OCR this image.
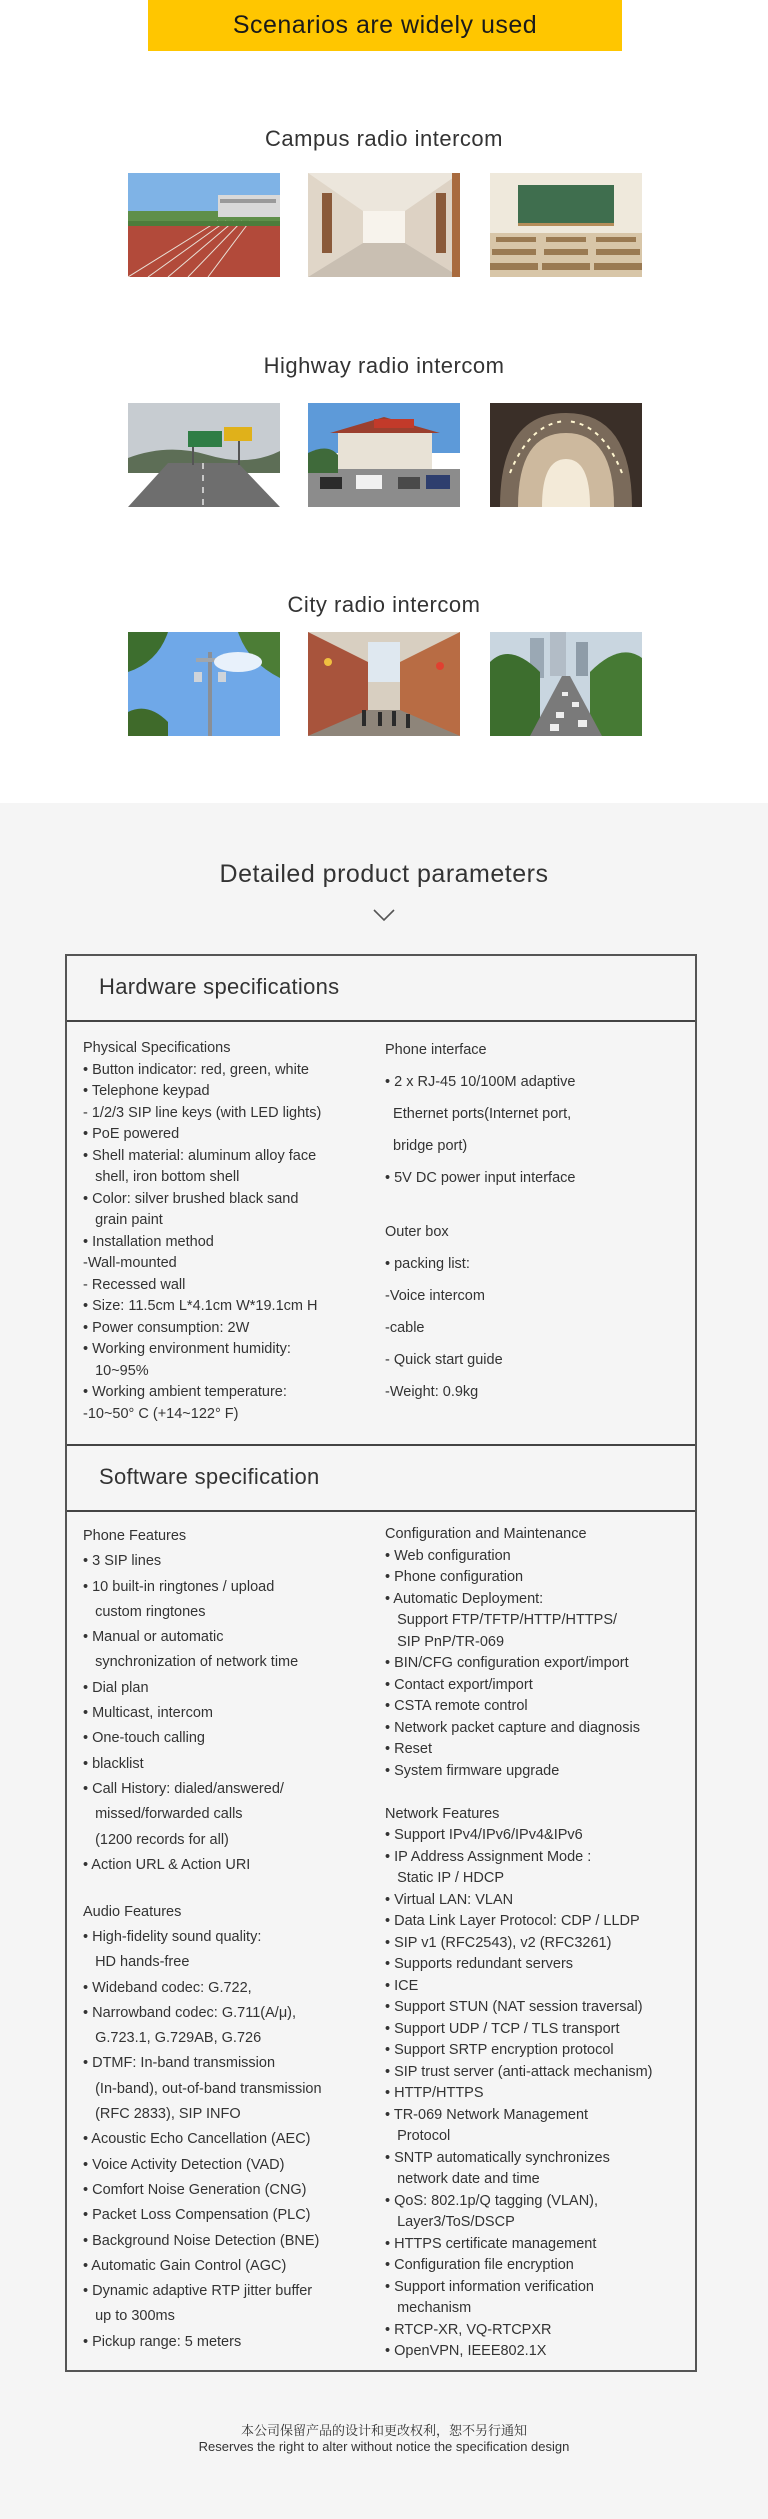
Scenarios are widely used
Campus radio intercom
Highway radio intercom
City radio intercom
Detailed product parameters
Hardware specifications

Physical Specifications

• Button indicator: red, green, white

• Telephone keypad

- 1/2/3 SIP line keys (with LED lights)

• PoE powered

• Shell material: aluminum alloy face

shell, iron bottom shell

• Color: silver brushed black sand

grain paint

• Installation method

-Wall-mounted

- Recessed wall

• Size: 11.5cm L*4.1cm W*19.1cm H

• Power consumption: 2W

• Working environment humidity:

10~95%

• Working ambient temperature:

-10~50° C (+14~122° F)

Phone interface

• 2 x RJ-45 10/100M adaptive

Ethernet ports(Internet port,

bridge port)

• 5V DC power input interface

Outer box

• packing list:

-Voice intercom

-cable

- Quick start guide

-Weight: 0.9kg

Software specification

Phone Features

• 3 SIP lines

• 10 built-in ringtones / upload

custom ringtones

• Manual or automatic

synchronization of network time

• Dial plan

• Multicast, intercom

• One-touch calling

• blacklist

• Call History: dialed/answered/

missed/forwarded calls

(1200 records for all)

• Action URL & Action URI

Audio Features

• High-fidelity sound quality:

HD hands-free

• Wideband codec: G.722,

• Narrowband codec: G.711(A/μ),

G.723.1, G.729AB, G.726

• DTMF: In-band transmission

(In-band), out-of-band transmission

(RFC 2833), SIP INFO

• Acoustic Echo Cancellation (AEC)

• Voice Activity Detection (VAD)

• Comfort Noise Generation (CNG)

• Packet Loss Compensation (PLC)

• Background Noise Detection (BNE)

• Automatic Gain Control (AGC)

• Dynamic adaptive RTP jitter buffer

up to 300ms

• Pickup range: 5 meters

Configuration and Maintenance

• Web configuration

• Phone configuration

• Automatic Deployment:

Support FTP/TFTP/HTTP/HTTPS/

SIP PnP/TR-069

• BIN/CFG configuration export/import

• Contact export/import

• CSTA remote control

• Network packet capture and diagnosis

• Reset

• System firmware upgrade

Network Features

• Support IPv4/IPv6/IPv4&IPv6

• IP Address Assignment Mode :

Static IP / HDCP

• Virtual LAN: VLAN

• Data Link Layer Protocol: CDP / LLDP

• SIP v1 (RFC2543), v2 (RFC3261)

• Supports redundant servers

• ICE

• Support STUN (NAT session traversal)

• Support UDP / TCP / TLS transport

• Support SRTP encryption protocol

• SIP trust server (anti-attack mechanism)

• HTTP/HTTPS

• TR-069 Network Management

Protocol

• SNTP automatically synchronizes

network date and time

• QoS: 802.1p/Q tagging (VLAN),

Layer3/ToS/DSCP

• HTTPS certificate management

• Configuration file encryption

• Support information verification

mechanism

• RTCP-XR, VQ-RTCPXR

• OpenVPN, IEEE802.1X

本公司保留产品的设计和更改权利，恕不另行通知
Reserves the right to alter without notice the specification design
